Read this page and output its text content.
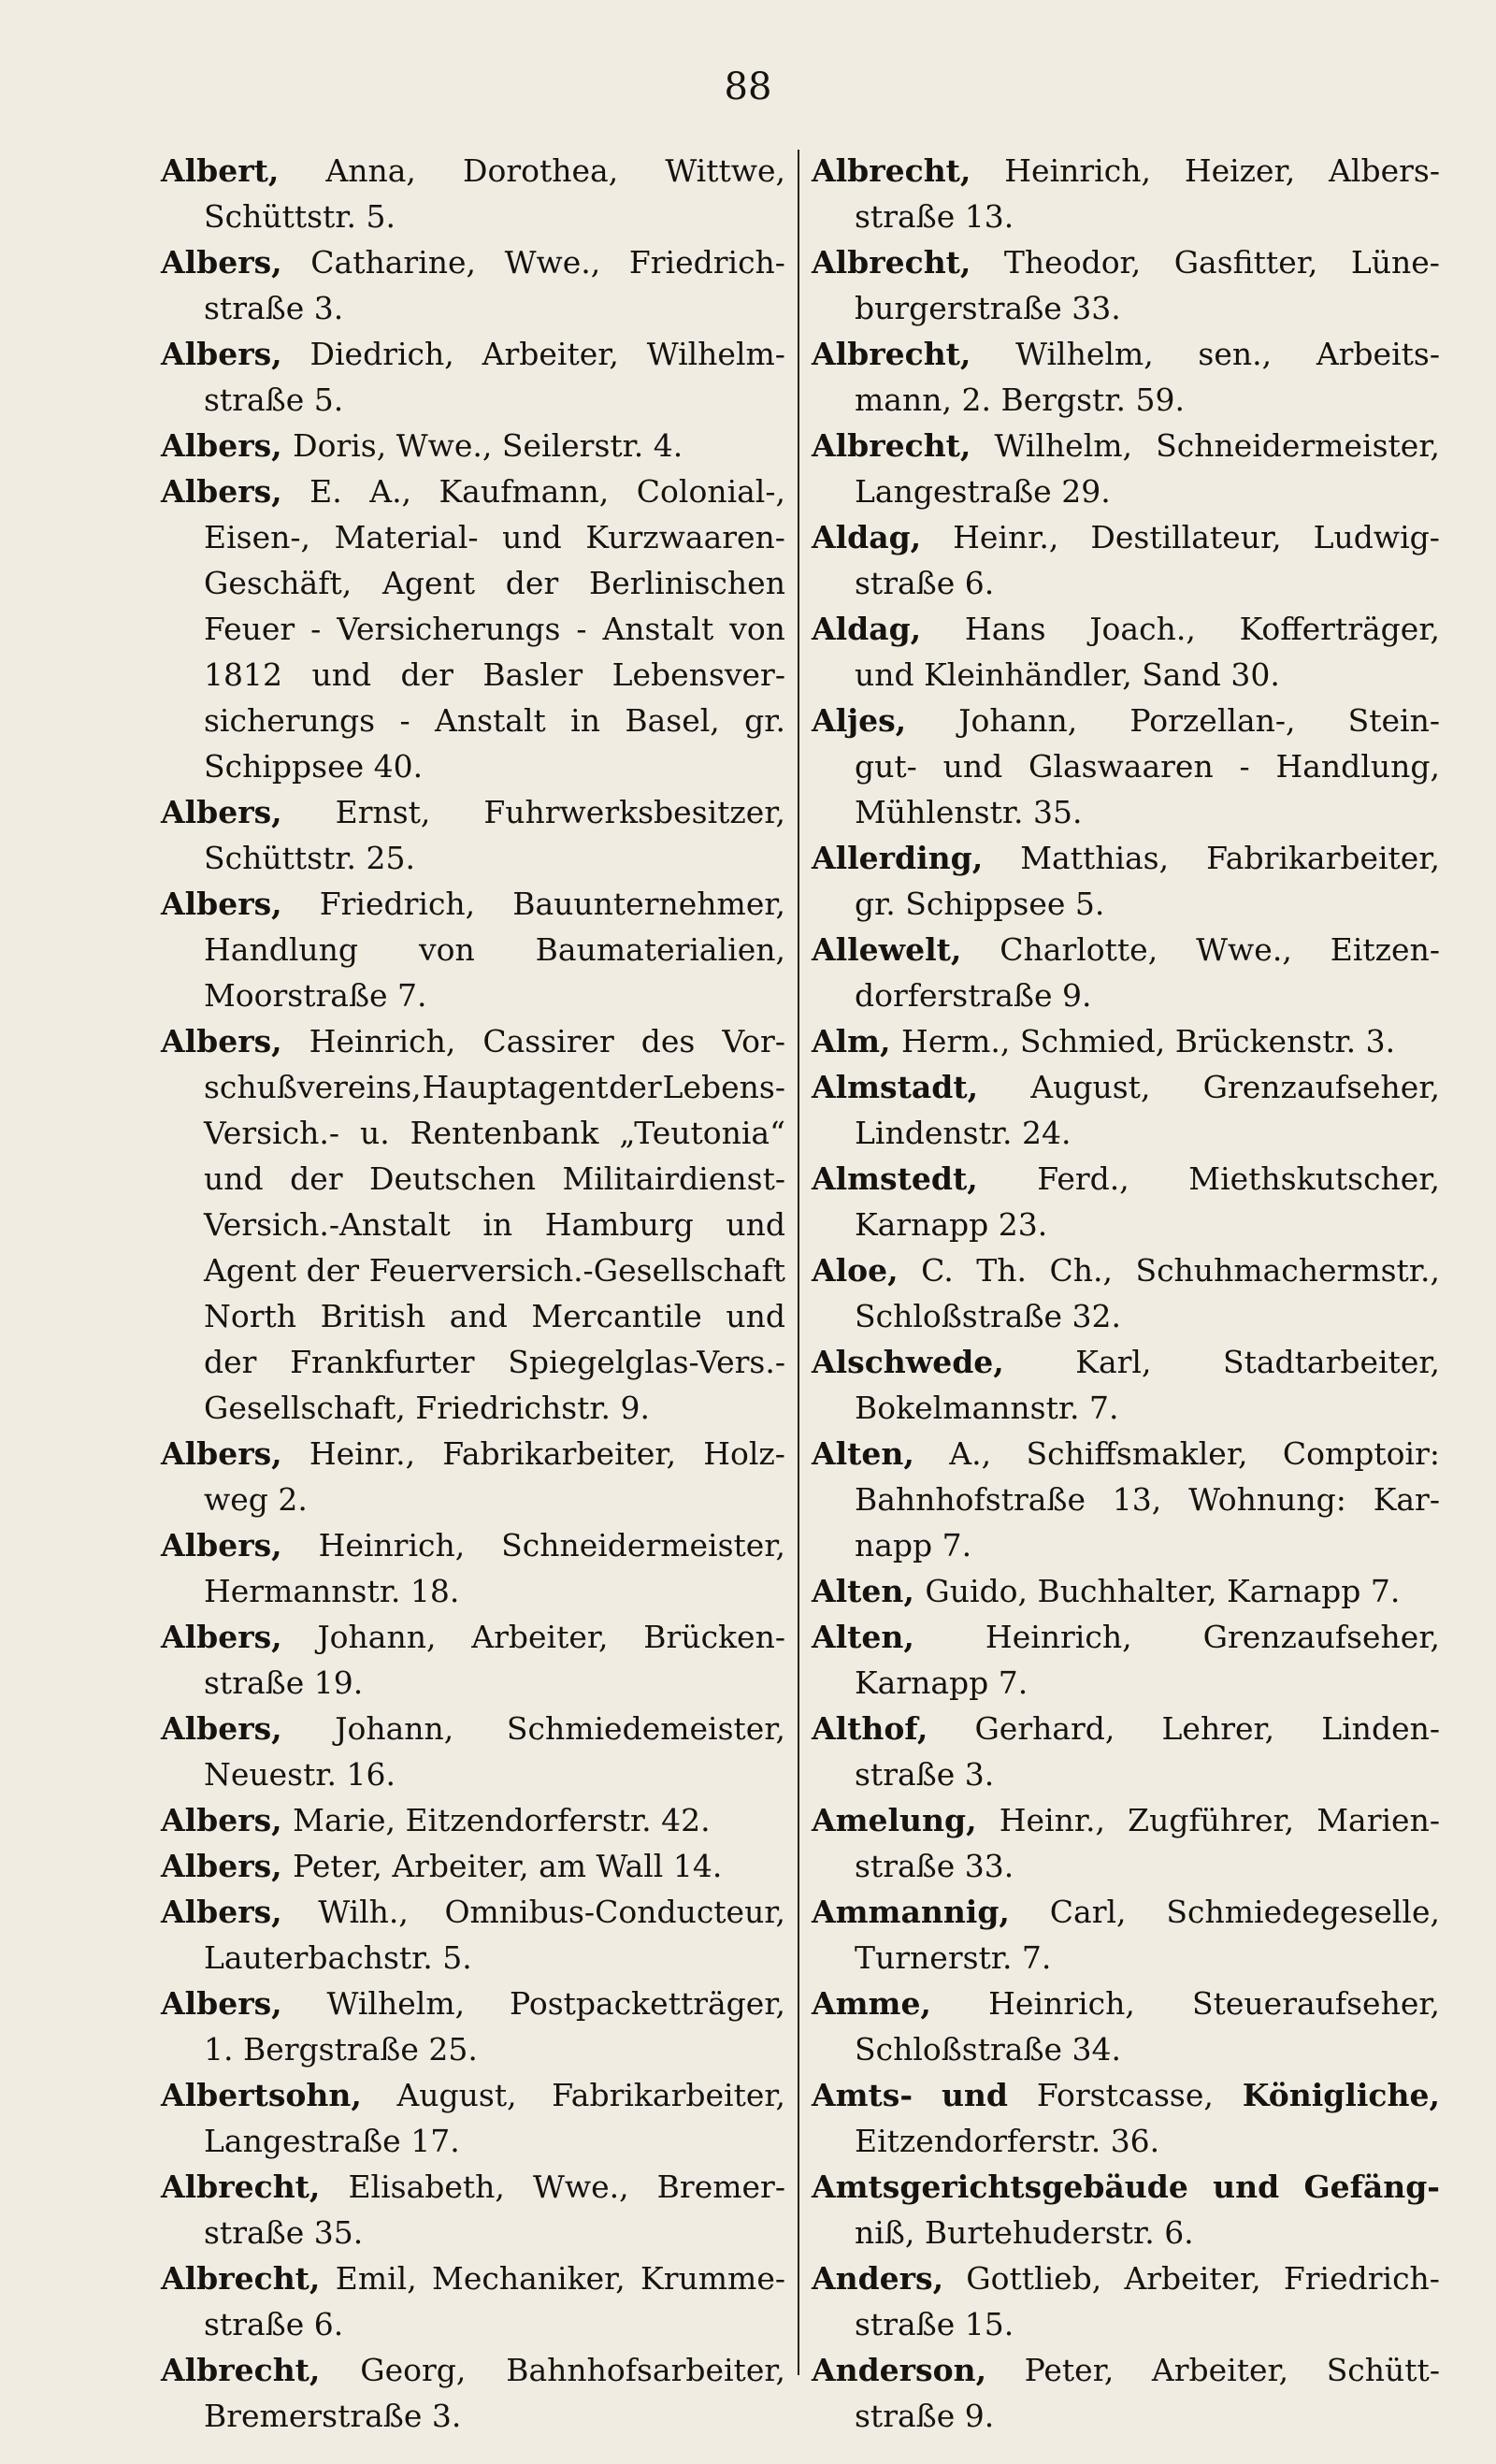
88
Albert, Anna, Dorothea, Wittwe,
Schüttstr. 5.
Albers, Catharine, Wwe., Friedrich-
straße 3.
Albers, Diedrich, Arbeiter, Wilhelm-
straße 5.
Albers, Doris, Wwe., Seilerstr. 4.
Albers, E. A., Kaufmann, Colonial-,
Eisen-, Material- und Kurzwaaren-
Geschäft, Agent der Berlinischen
Feuer - Versicherungs - Anstalt von
1812 und der Basler Lebensver-
sicherungs - Anstalt in Basel, gr.
Schippsee 40.
Albers, Ernst, Fuhrwerksbesitzer,
Schüttstr. 25.
Albers, Friedrich, Bauunternehmer,
Handlung von Baumaterialien,
Moorstraße 7.
Albers, Heinrich, Cassirer des Vor-
schußvereins, Hauptagent der Lebens-
Versich.- u. Rentenbank „Teutonia“
und der Deutschen Militairdienst-
Versich.-Anstalt in Hamburg und
Agent der Feuerversich.-Gesellschaft
North British and Mercantile und
der Frankfurter Spiegelglas-Vers.-
Gesellschaft, Friedrichstr. 9.
Albers, Heinr., Fabrikarbeiter, Holz-
weg 2.
Albers, Heinrich, Schneidermeister,
Hermannstr. 18.
Albers, Johann, Arbeiter, Brücken-
straße 19.
Albers, Johann, Schmiedemeister,
Neuestr. 16.
Albers, Marie, Eitzendorferstr. 42.
Albers, Peter, Arbeiter, am Wall 14.
Albers, Wilh., Omnibus-Conducteur,
Lauterbachstr. 5.
Albers, Wilhelm, Postpacketträger,
1. Bergstraße 25.
Albertsohn, August, Fabrikarbeiter,
Langestraße 17.
Albrecht, Elisabeth, Wwe., Bremer-
straße 35.
Albrecht, Emil, Mechaniker, Krumme-
straße 6.
Albrecht, Georg, Bahnhofsarbeiter,
Bremerstraße 3.
Albrecht, Heinrich, Heizer, Albers-
straße 13.
Albrecht, Theodor, Gasfitter, Lüne-
burgerstraße 33.
Albrecht, Wilhelm, sen., Arbeits-
mann, 2. Bergstr. 59.
Albrecht, Wilhelm, Schneidermeister,
Langestraße 29.
Aldag, Heinr., Destillateur, Ludwig-
straße 6.
Aldag, Hans Joach., Kofferträger,
und Kleinhändler, Sand 30.
Aljes, Johann, Porzellan-, Stein-
gut- und Glaswaaren - Handlung,
Mühlenstr. 35.
Allerding, Matthias, Fabrikarbeiter,
gr. Schippsee 5.
Allewelt, Charlotte, Wwe., Eitzen-
dorferstraße 9.
Alm, Herm., Schmied, Brückenstr. 3.
Almstadt, August, Grenzaufseher,
Lindenstr. 24.
Almstedt, Ferd., Miethskutscher,
Karnapp 23.
Aloe, C. Th. Ch., Schuhmachermstr.,
Schloßstraße 32.
Alschwede, Karl, Stadtarbeiter,
Bokelmannstr. 7.
Alten, A., Schiffsmakler, Comptoir:
Bahnhofstraße 13, Wohnung: Kar-
napp 7.
Alten, Guido, Buchhalter, Karnapp 7.
Alten, Heinrich, Grenzaufseher,
Karnapp 7.
Althof, Gerhard, Lehrer, Linden-
straße 3.
Amelung, Heinr., Zugführer, Marien-
straße 33.
Ammannig, Carl, Schmiedegeselle,
Turnerstr. 7.
Amme, Heinrich, Steueraufseher,
Schloßstraße 34.
Amts- und Forstcasse, Königliche,
Eitzendorferstr. 36.
Amtsgerichtsgebäude und Gefäng-
niß, Burtehuderstr. 6.
Anders, Gottlieb, Arbeiter, Friedrich-
straße 15.
Anderson, Peter, Arbeiter, Schütt-
straße 9.
